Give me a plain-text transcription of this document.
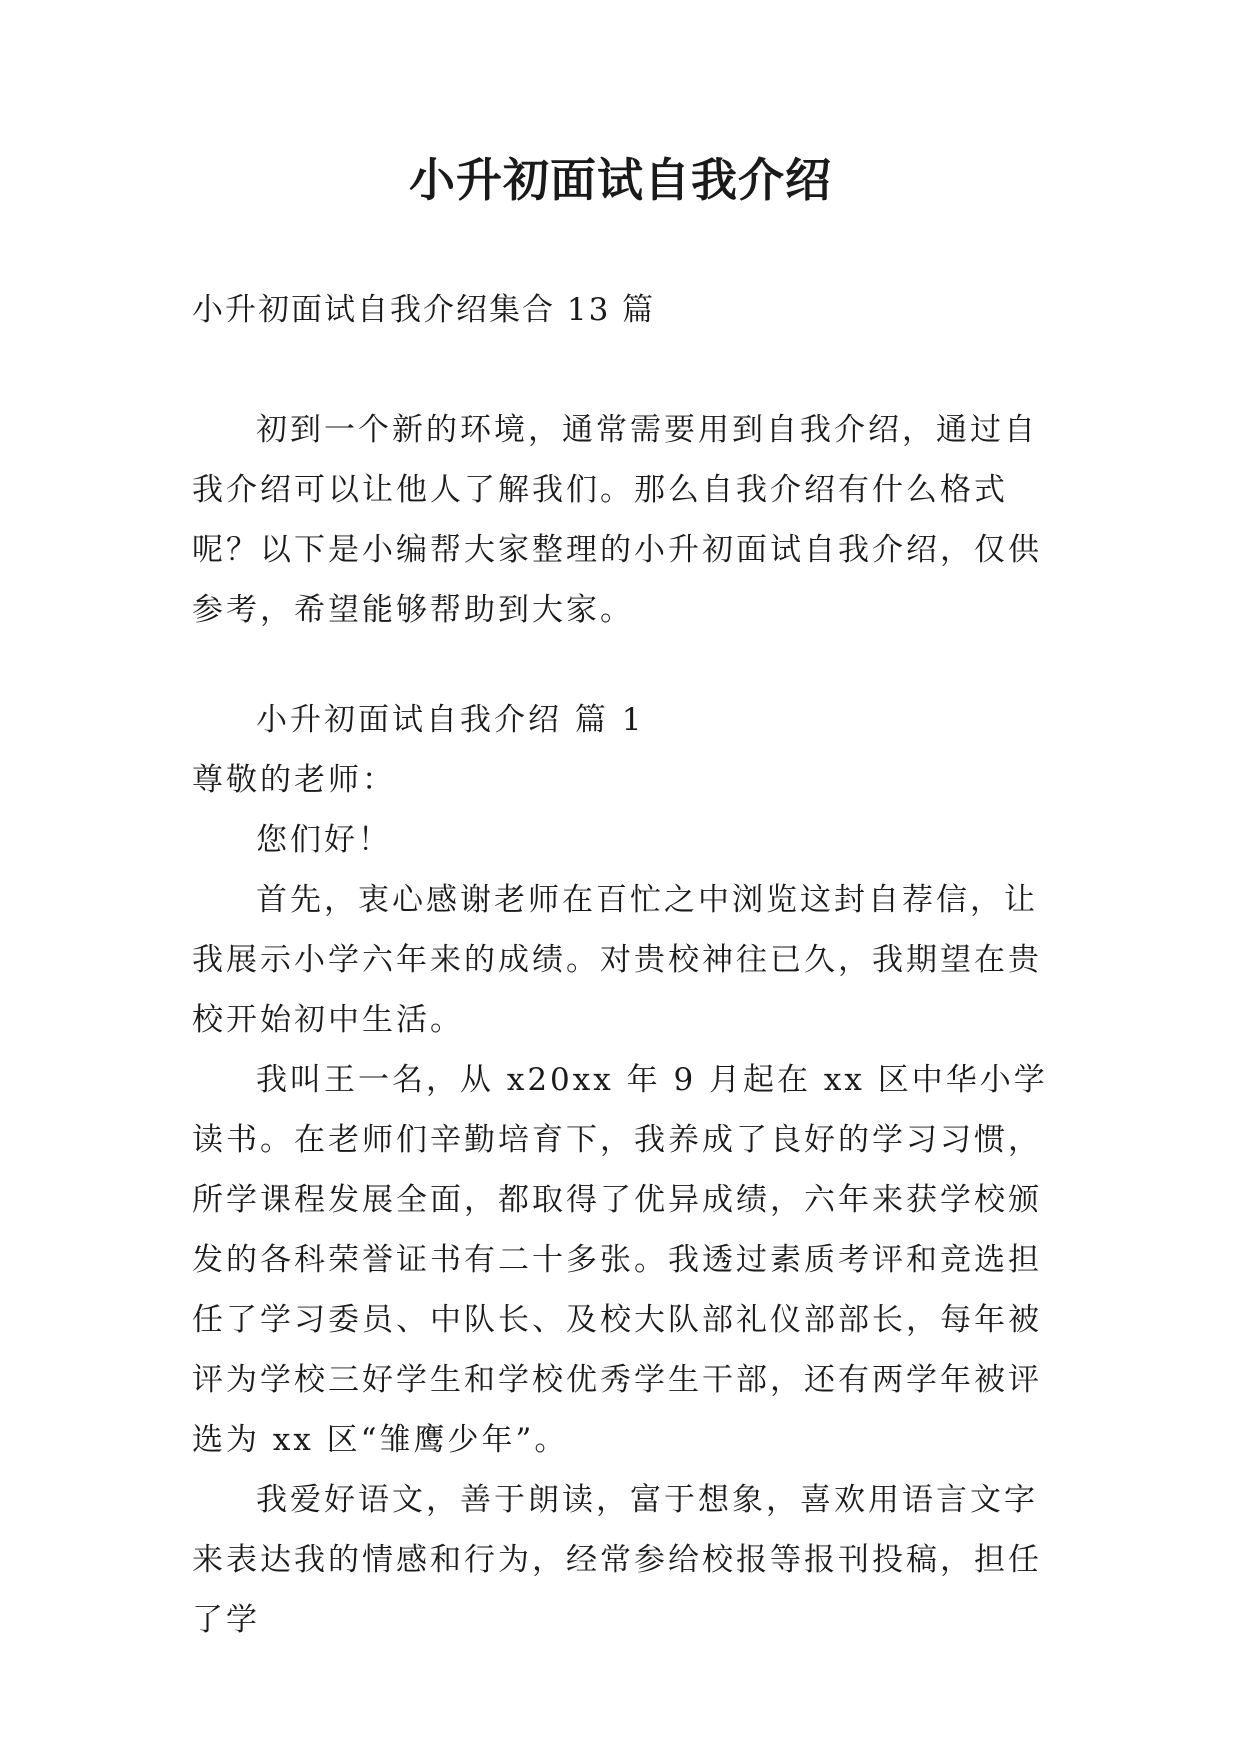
小升初面试自我介绍
小升初面试自我介绍集合 13 篇

初到一个新的环境，通常需要用到自我介绍，通过自我介绍可以让他人了解我们。那么自我介绍有什么格式呢？以下是小编帮大家整理的小升初面试自我介绍，仅供参考，希望能够帮助到大家。

小升初面试自我介绍 篇 1

尊敬的老师：

您们好！

首先，衷心感谢老师在百忙之中浏览这封自荐信，让我展示小学六年来的成绩。对贵校神往已久，我期望在贵校开始初中生活。

我叫王一名，从 x20xx 年 9 月起在 xx 区中华小学读书。在老师们辛勤培育下，我养成了良好的学习习惯，所学课程发展全面，都取得了优异成绩，六年来获学校颁发的各科荣誉证书有二十多张。我透过素质考评和竞选担任了学习委员、中队长、及校大队部礼仪部部长，每年被评为学校三好学生和学校优秀学生干部，还有两学年被评选为 xx 区“雏鹰少年”。

我爱好语文，善于朗读，富于想象，喜欢用语言文字来表达我的情感和行为，经常参给校报等报刊投稿，担任了学
